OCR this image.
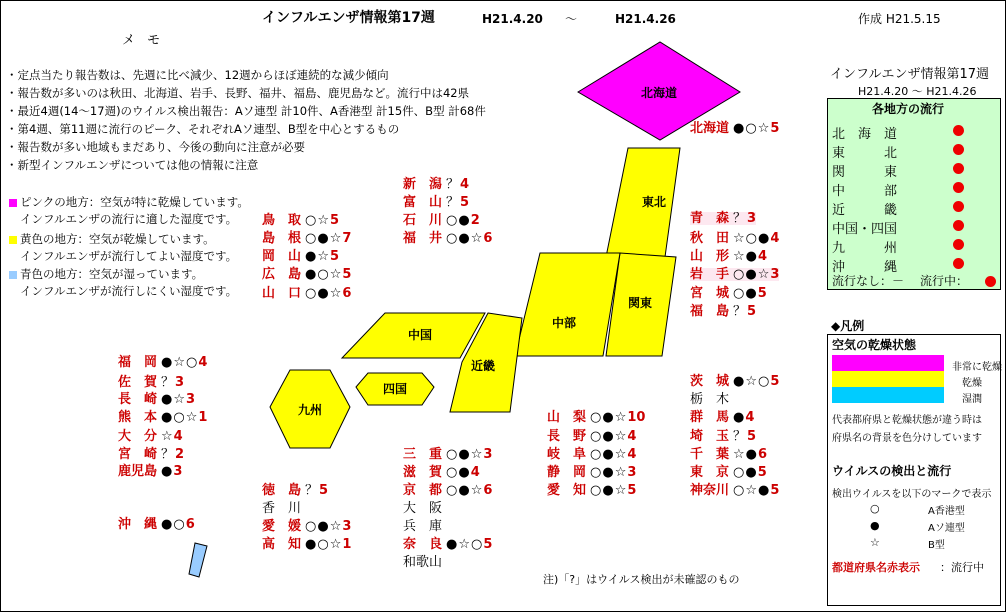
インフルエンザ情報第17週	H21.4.20 ～	H21.4.26	作成 H21.5.15
メ モ
・定点当たり報告数は、先週に比べ減少、12週からほぼ連続的な減少傾向
・報告数が多いのは秋田、北海道、岩手、長野、福井、福島、鹿児島など。流行中は42県
・最近4週(14～17週)のウイルス検出報告：Aソ連型 計10件、A香港型 計15件、B型 計68件
・第4週、第11週に流行のピーク、それぞれAソ連型、B型を中心とするもの
・報告数が多い地域もまだあり、今後の動向に注意が必要
・新型インフルエンザについては他の情報に注意
ピンクの地方：空気が特に乾燥しています。
インフルエンザの流行に適した湿度です。
黄色の地方：空気が乾燥しています。
インフルエンザが流行してよい湿度です。
青色の地方：空気が湿っています。
インフルエンザが流行しにくい湿度です。
北海道
東北
関東
中部
中国
近畿
四国
九州
北海道 ●○☆5
青　森 ？3
秋　田 ☆○●4
山　形 ☆●4
岩　手 ○●☆3
宮　城 ○●5
福　島 ？5
新　潟 ？4
富　山 ？5
石　川 ○●2
福　井 ○●☆6
鳥　取 ○☆5
島　根 ○●☆7
岡　山 ●☆5
広　島 ●○☆5
山　口 ○●☆6
福　岡 ●☆○4
佐　賀 ？3
長　崎 ●☆3
熊　本 ●○☆1
大　分 ☆4
宮　崎 ？2
鹿児島 ●3
沖　縄 ●○6
茨　城 ●☆○5
栃　木
群　馬 ●4
埼　玉 ？5
千　葉 ☆●6
東　京 ○●5
神奈川 ○☆●5
山　梨 ○●☆10
長　野 ○●☆4
岐　阜 ○●☆4
静　岡 ○●☆3
愛　知 ○●☆5
三　重 ○●☆3
滋　賀 ○●4
京　都 ○●☆6
大　阪
兵　庫
奈　良 ●☆○5
和歌山
徳　島 ？5
香　川
愛　媛 ○●☆3
高　知 ●○☆1
注)「?」はウイルス検出が未確認のもの
インフルエンザ情報第17週
H21.4.20 ～ H21.4.26
各地方の流行
北　海　道
東　　　北
関　　　東
中　　　部
近　　　畿
中国・四国
九　　　州
沖　　　縄
流行なし：－ 流行中：
◆凡例
空気の乾燥状態
非常に乾燥
乾燥
湿潤
代表都府県と乾燥状態が違う時は
府県名の背景を色分けしています
ウイルスの検出と流行
検出ウイルスを以下のマークで表示
○	A香港型
●	Aソ連型
☆	B型
都道府県名赤表示 ：流行中
